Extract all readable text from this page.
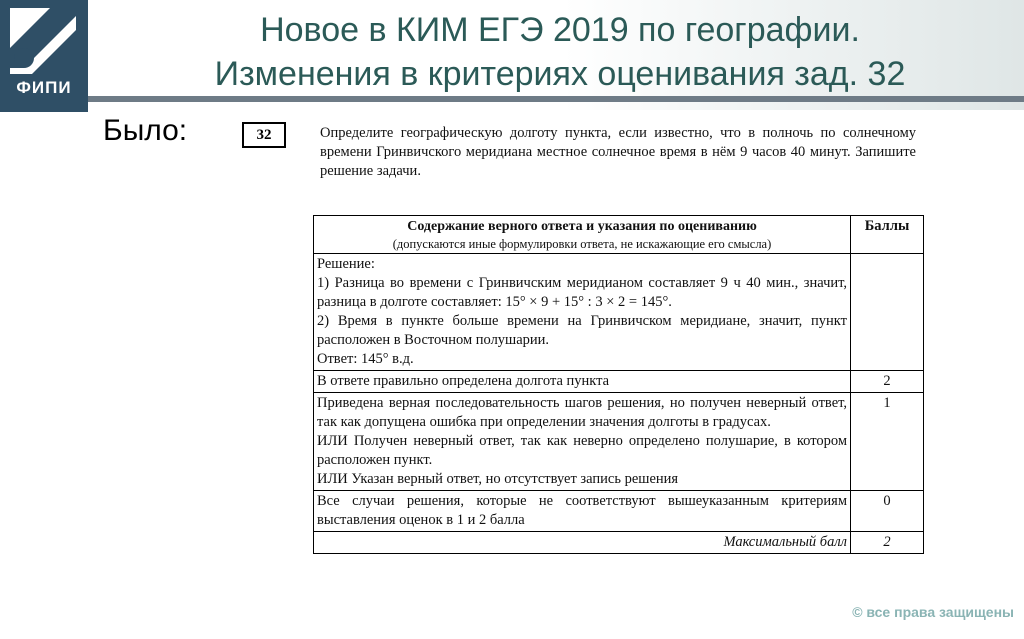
ФИПИ
Новое в КИМ ЕГЭ 2019 по географии.
Изменения в критериях оценивания зад. 32
Было:	32	Определите географическую долготу пункта, если известно, что в полночь по солнечному времени Гринвичского меридиана местное солнечное время в нём 9 часов 40 минут. Запишите решение задачи.
Содержание верного ответа и указания по оцениванию
(допускаются иные формулировки ответа, не искажающие его смысла)	Баллы

Решение:
1) Разница во времени с Гринвичским меридианом составляет 9 ч 40 мин., значит, разница в долготе составляет: 15° × 9 + 15° : 3 × 2 = 145°.
2) Время в пункте больше времени на Гринвичском меридиане, значит, пункт расположен в Восточном полушарии.
Ответ: 145° в.д.	

В ответе правильно определена долгота пункта	2

Приведена верная последовательность шагов решения, но получен неверный ответ, так как допущена ошибка при определении значения долготы в градусах.
ИЛИ Получен неверный ответ, так как неверно определено полушарие, в котором расположен пункт.
ИЛИ Указан верный ответ, но отсутствует запись решения	1
Все случаи решения, которые не соответствуют вышеуказанным критериям выставления оценок в 1 и 2 балла	0
Максимальный балл	2
© все права защищены
